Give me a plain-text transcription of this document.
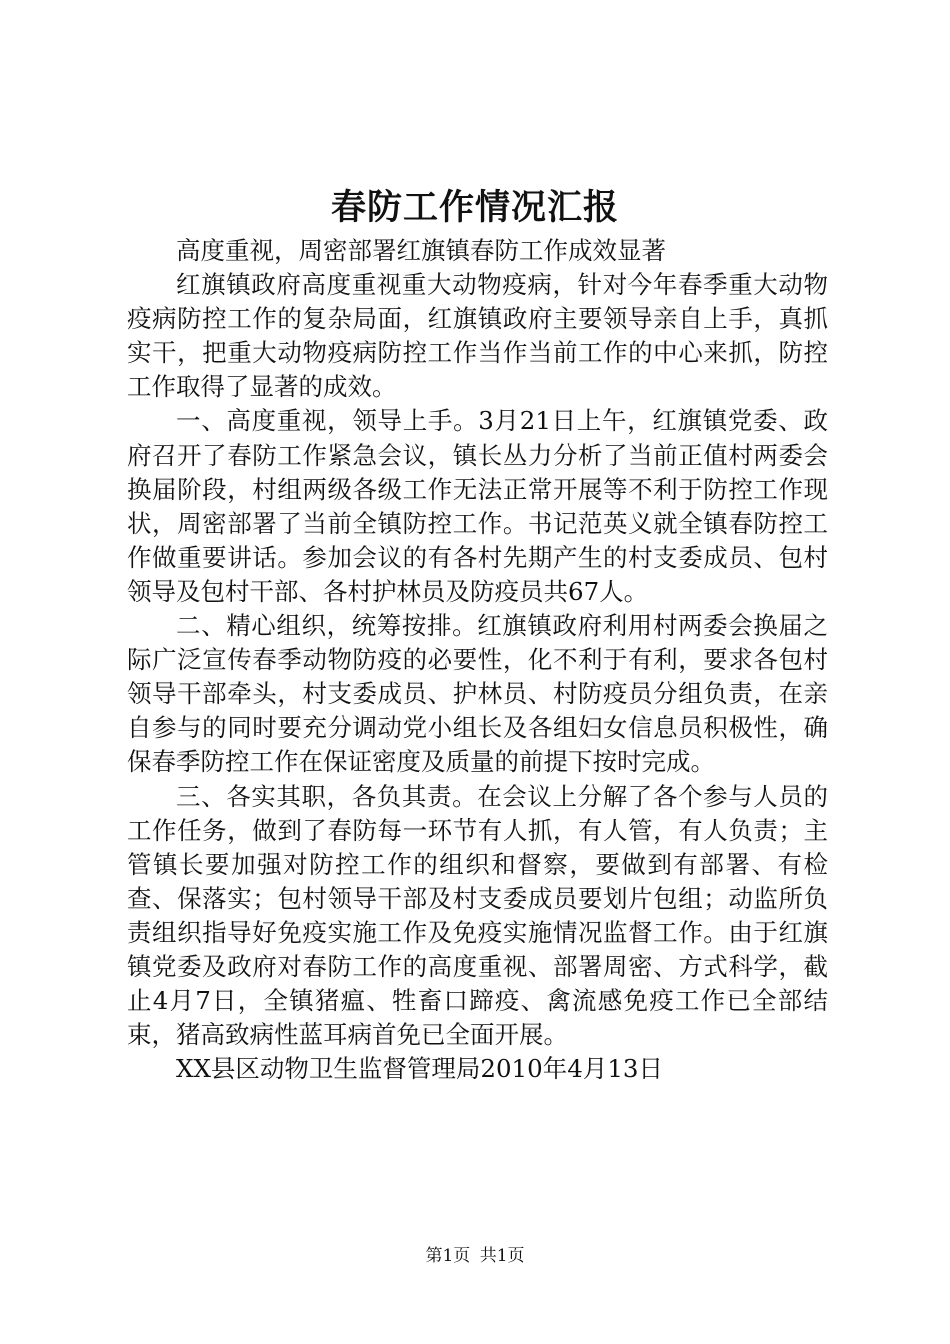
春防工作情况汇报

高度重视，周密部署红旗镇春防工作成效显著

红旗镇政府高度重视重大动物疫病，针对今年春季重大动物疫病防控工作的复杂局面，红旗镇政府主要领导亲自上手，真抓实干，把重大动物疫病防控工作当作当前工作的中心来抓，防控工作取得了显著的成效。

一、高度重视，领导上手。3月21日上午，红旗镇党委、政府召开了春防工作紧急会议，镇长丛力分析了当前正值村两委会换届阶段，村组两级各级工作无法正常开展等不利于防控工作现状，周密部署了当前全镇防控工作。书记范英义就全镇春防控工作做重要讲话。参加会议的有各村先期产生的村支委成员、包村领导及包村干部、各村护林员及防疫员共67人。

二、精心组织，统筹按排。红旗镇政府利用村两委会换届之际广泛宣传春季动物防疫的必要性，化不利于有利，要求各包村领导干部牵头，村支委成员、护林员、村防疫员分组负责，在亲自参与的同时要充分调动党小组长及各组妇女信息员积极性，确保春季防控工作在保证密度及质量的前提下按时完成。

三、各实其职，各负其责。在会议上分解了各个参与人员的工作任务，做到了春防每一环节有人抓，有人管，有人负责；主管镇长要加强对防控工作的组织和督察，要做到有部署、有检查、保落实；包村领导干部及村支委成员要划片包组；动监所负责组织指导好免疫实施工作及免疫实施情况监督工作。由于红旗镇党委及政府对春防工作的高度重视、部署周密、方式科学，截止4月7日，全镇猪瘟、牲畜口蹄疫、禽流感免疫工作已全部结束，猪高致病性蓝耳病首免已全面开展。

XX县区动物卫生监督管理局2010年4月13日

第1页 共1页
